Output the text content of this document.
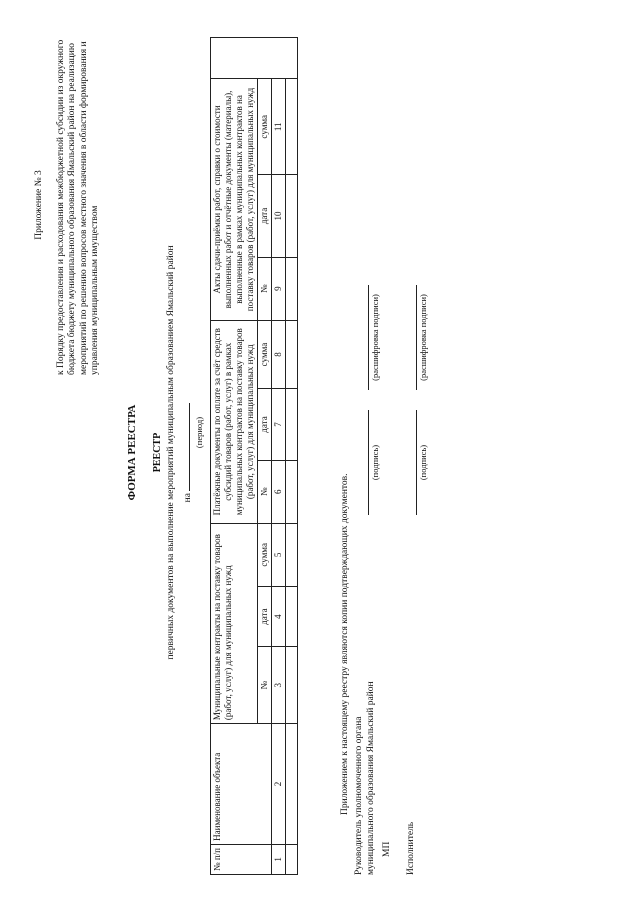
Приложение № 3 к Порядку предоставления и расходования межбюджетной субсидии из окружного бюджета бюджету муниципального образования Ямальский район на реализацию мероприятий по решению вопросов местного значения в области формирования и управления муниципальным имуществом
ФОРМА РЕЕСТРА РЕЕСТР первичных документов на выполнение мероприятий муниципальным образованием Ямальский район на
(период)
№ п/п	Наименование объекта	Муниципальные контракты на поставку товаров (работ, услуг) для муниципальных нужд			Платёжные документы по оплате за счёт средств субсидий товаров (работ, услуг) в рамках муниципальных контрактов на поставку товаров (работ, услуг) для муниципальных нужд			Акты сдачи-приёмки работ, справки о стоимости выполненных работ и отчётные документы (материалы), выполненные в рамках муниципальных контрактов на поставку товаров (работ, услуг) для муниципальных нужд			
		№	дата	сумма	№	дата	сумма	№	дата	сумма	
1	2	3	4	5	6	7	8	9	10	11	

Приложением к настоящему реестру являются копии подтверждающих документов. Руководитель уполномоченного органа муниципального образования Ямальский район
(подпись)
(расшифровка подписи)
МП Исполнитель
(подпись)
(расшифровка подписи)
